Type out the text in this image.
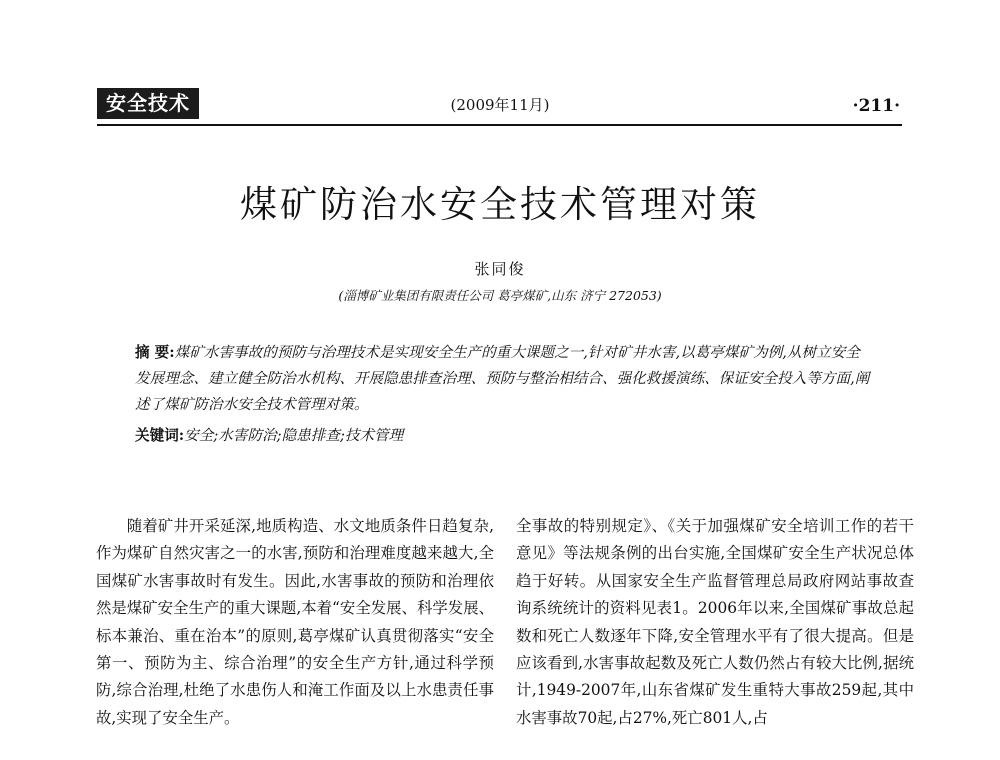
安全技术	(2009年11月)	·211·
煤矿防治水安全技术管理对策
张同俊
(淄博矿业集团有限责任公司 葛亭煤矿,山东 济宁 272053)
摘 要:煤矿水害事故的预防与治理技术是实现安全生产的重大课题之一,针对矿井水害,以葛亭煤矿为例,从树立安全发展理念、建立健全防治水机构、开展隐患排查治理、预防与整治相结合、强化救援演练、保证安全投入等方面,阐述了煤矿防治水安全技术管理对策。
关键词:安全;水害防治;隐患排查;技术管理
随着矿井开采延深,地质构造、水文地质条件日趋复杂,作为煤矿自然灾害之一的水害,预防和治理难度越来越大,全国煤矿水害事故时有发生。因此,水害事故的预防和治理依然是煤矿安全生产的重大课题,本着“安全发展、科学发展、标本兼治、重在治本”的原则,葛亭煤矿认真贯彻落实“安全第一、预防为主、综合治理”的安全生产方针,通过科学预防,综合治理,杜绝了水患伤人和淹工作面及以上水患责任事故,实现了安全生产。
全事故的特别规定》、《关于加强煤矿安全培训工作的若干意见》等法规条例的出台实施,全国煤矿安全生产状况总体趋于好转。从国家安全生产监督管理总局政府网站事故查询系统统计的资料见表1。2006年以来,全国煤矿事故总起数和死亡人数逐年下降,安全管理水平有了很大提高。但是应该看到,水害事故起数及死亡人数仍然占有较大比例,据统计,1949-2007年,山东省煤矿发生重特大事故259起,其中水害事故70起,占27%,死亡801人,占
